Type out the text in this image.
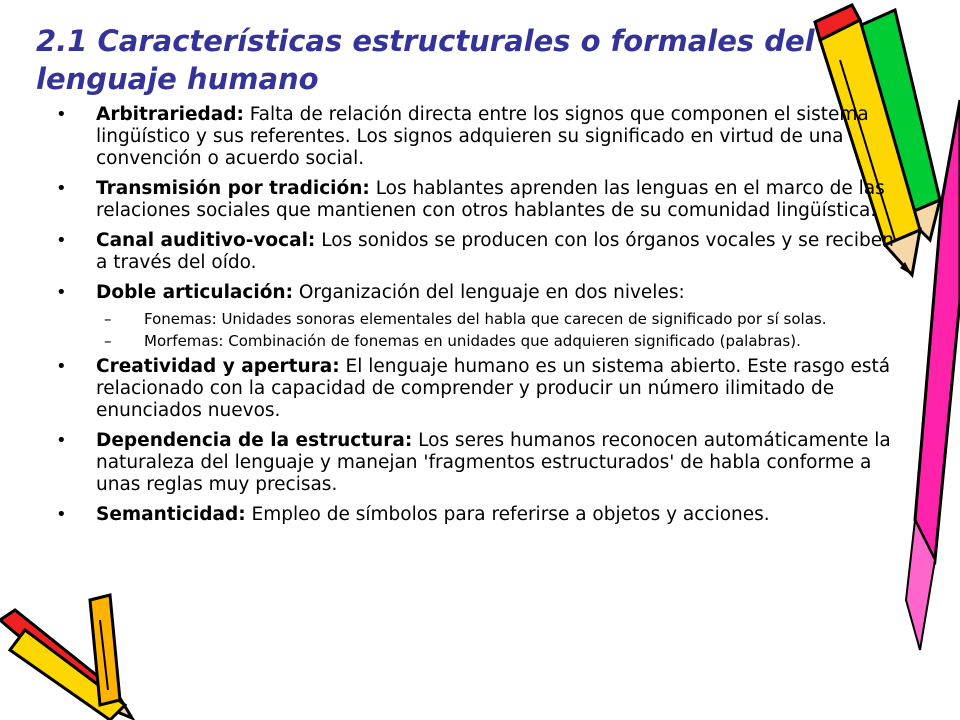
2.1 Características estructurales o formales del lenguaje humano
• Arbitrariedad: Falta de relación directa entre los signos que componen el sistema lingüístico y sus referentes. Los signos adquieren su significado en virtud de una convención o acuerdo social.
• Transmisión por tradición: Los hablantes aprenden las lenguas en el marco de las relaciones sociales que mantienen con otros hablantes de su comunidad lingüística.
• Canal auditivo-vocal: Los sonidos se producen con los órganos vocales y se reciben a través del oído.
• Doble articulación: Organización del lenguaje en dos niveles:
– Fonemas: Unidades sonoras elementales del habla que carecen de significado por sí solas.
– Morfemas: Combinación de fonemas en unidades que adquieren significado (palabras).
• Creatividad y apertura: El lenguaje humano es un sistema abierto. Este rasgo está relacionado con la capacidad de comprender y producir un número ilimitado de enunciados nuevos.
• Dependencia de la estructura: Los seres humanos reconocen automáticamente la naturaleza del lenguaje y manejan 'fragmentos estructurados' de habla conforme a unas reglas muy precisas.
• Semanticidad: Empleo de símbolos para referirse a objetos y acciones.
